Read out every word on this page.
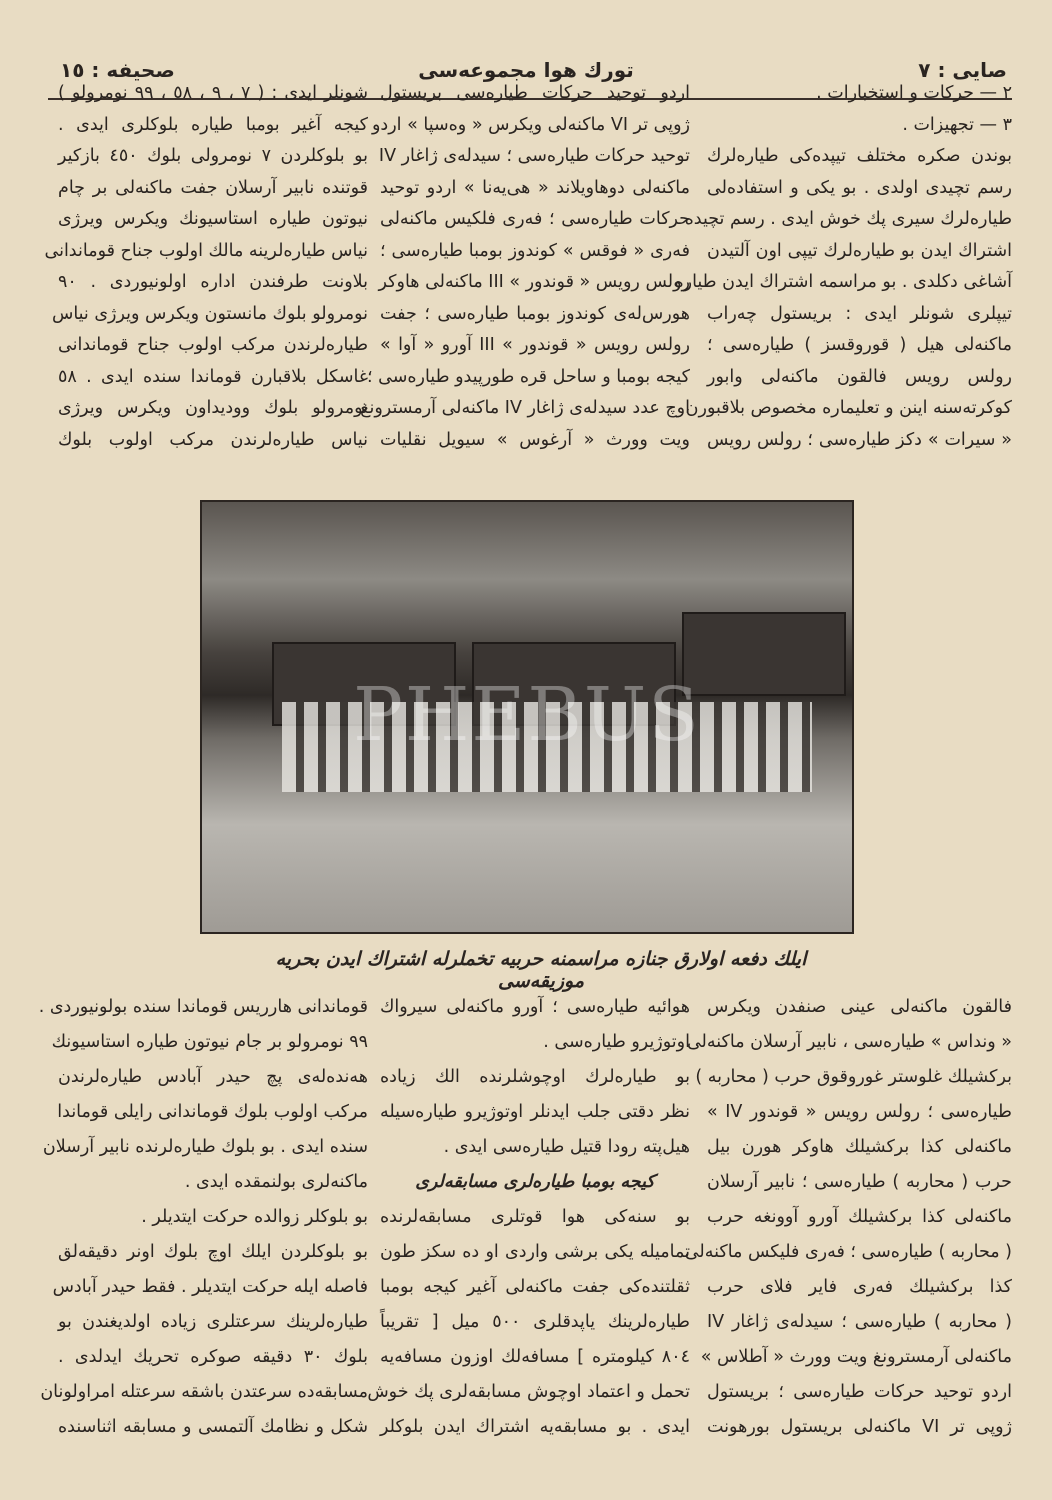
صايى : ٧
تورك هوا مجموعه‌سى
صحيفه : ١٥
٢ — حركات و استخبارات .
٣ — تجهيزات .
بوندن صكره مختلف تيپده‌كى طياره‌لرك
رسم تچيدى اولدى . بو يكى و استفاده‌لى
طياره‌لرك سيرى پك خوش ايدى . رسم تچيده
اشتراك ايدن بو طياره‌لرك تيپى اون آلتيدن
آشاغى دكلدى . بو مراسمه اشتراك ايدن طياره
تيپلرى شونلر ايدى : بريستول چه‌راب
ماكنه‌لى هيل ( قوروقسز ) طياره‌سى ؛
رولس رويس فالقون ماكنه‌لى وابور
كوكرته‌سنه اينن و تعليماره مخصوص بلاقبورن
« سيرات » دكز طياره‌سى ؛ رولس رويس
اردو توحيد حركات طياره‌سى بريستول
ژوپى تر VI ماكنه‌لى ويكرس « وه‌سپا » اردو
توحيد حركات طياره‌سى ؛ سيدله‌ى ژاغار IV
ماكنه‌لى دوهاويلاند « هى‌يه‌نا » اردو توحيد
حركات طياره‌سى ؛ فه‌رى فلكيس ماكنه‌لى
فه‌رى « فوقس » كوندوز بومبا طياره‌سى ؛
رولس رويس « قوندور » III ماكنه‌لى هاوكر
هورس‌له‌ى كوندوز بومبا طياره‌سى ؛ جفت
رولس رويس « قوندور » III آورو « آوا »
كيجه بومبا و ساحل قره طورپيدو طياره‌سى ؛
اوچ عدد سيدله‌ى ژاغار IV ماكنه‌لى آرمسترونغ
ويت وورث « آرغوس » سيويل نقليات
شونلر ايدى : ( ٧ ، ٩ ، ٥٨ ، ٩٩ نومرولو )
كيجه آغير بومبا طياره بلوكلرى ايدى .
بو بلوكلردن ٧ نومرولى بلوك ٤٥٠ بازكير
قوتنده نابير آرسلان جفت ماكنه‌لى بر چام
نيوتون طياره استاسيونك ويكرس ويرژى
نياس طياره‌لرينه مالك اولوب جناح قوماندانى
بلاونت طرفندن اداره اولونيوردى . ٩٠
نومرولو بلوك مانستون ويكرس ويرژى نياس
طياره‌لرندن مركب اولوب جناح قوماندانى
غاسكل بلاقبارن قوماندا سنده ايدى . ٥٨
نومرولو بلوك ووديداون ويكرس ويرژى
نياس طياره‌لرندن مركب اولوب بلوك
PHEBUS
ايلك دفعه اولارق جنازه مراسمنه حربيه تخملرله اشتراك ايدن بحريه موزيقه‌سى
فالقون ماكنه‌لى عينى صنفدن ويكرس
« ونداس » طياره‌سى ، نابير آرسلان ماكنه‌لى
بركشيلك غلوستر غوروقوق حرب ( محاربه )
طياره‌سى ؛ رولس رويس « قوندور IV »
ماكنه‌لى كذا بركشيلك هاوكر هورن بيل
حرب ( محاربه ) طياره‌سى ؛ نابير آرسلان
ماكنه‌لى كذا بركشيلك آورو آوونغه حرب
( محاربه ) طياره‌سى ؛ فه‌رى فليكس ماكنه‌لى
كذا بركشيلك فه‌رى فاير فلاى حرب
( محاربه ) طياره‌سى ؛ سيدله‌ى ژاغار IV
ماكنه‌لى آرمسترونغ ويت وورث « آطلاس »
اردو توحيد حركات طياره‌سى ؛ بريستول
ژوپى تر VI ماكنه‌لى بريستول بورهونت
هوائيه طياره‌سى ؛ آورو ماكنه‌لى سيرواك
اوتوژيرو طياره‌سى .
بو طياره‌لرك اوچوشلرنده الك زياده
نظر دقتى جلب ايدنلر اوتوژيرو طياره‌سيله
هيل‌پته رودا قتيل طياره‌سى ايدى .
كيجه بومبا طياره‌لرى مسابقه‌لرى
بو سنه‌كى هوا قوتلرى مسابقه‌لرنده
تماميله يكى برشى واردى او ده سكز طون
ثقلتنده‌كى جفت ماكنه‌لى آغير كيجه بومبا
طياره‌لرينك ياپدقلرى ٥٠٠ ميل [ تقريباً
٨٠٤ كيلومتره ] مسافه‌لك اوزون مسافه‌يه
تحمل و اعتماد اوچوش مسابقه‌لرى پك خوش
ايدى . بو مسابقه‌يه اشتراك ايدن بلوكلر
قوماندانى هارريس قوماندا سنده بولونيوردى .
٩٩ نومرولو بر جام نيوتون طياره استاسيونك
هه‌نده‌له‌ى پچ حيدر آبادس طياره‌لرندن
مركب اولوب بلوك قوماندانى رايلى قوماندا
سنده ايدى . بو بلوك طياره‌لرنده نابير آرسلان
ماكنه‌لرى بولنمقده ايدى .
بو بلوكلر زوالده حركت ايتديلر .
بو بلوكلردن ايلك اوچ بلوك اونر دقيقه‌لق
فاصله ايله حركت ايتديلر . فقط حيدر آبادس
طياره‌لرينك سرعتلرى زياده اولديغندن بو
بلوك ٣٠ دقيقه صوكره تحريك ايدلدى .
مسابقه‌ده سرعتدن باشقه سرعتله امراولونان
شكل و نظامك آلتمسى و مسابقه اثناسنده
